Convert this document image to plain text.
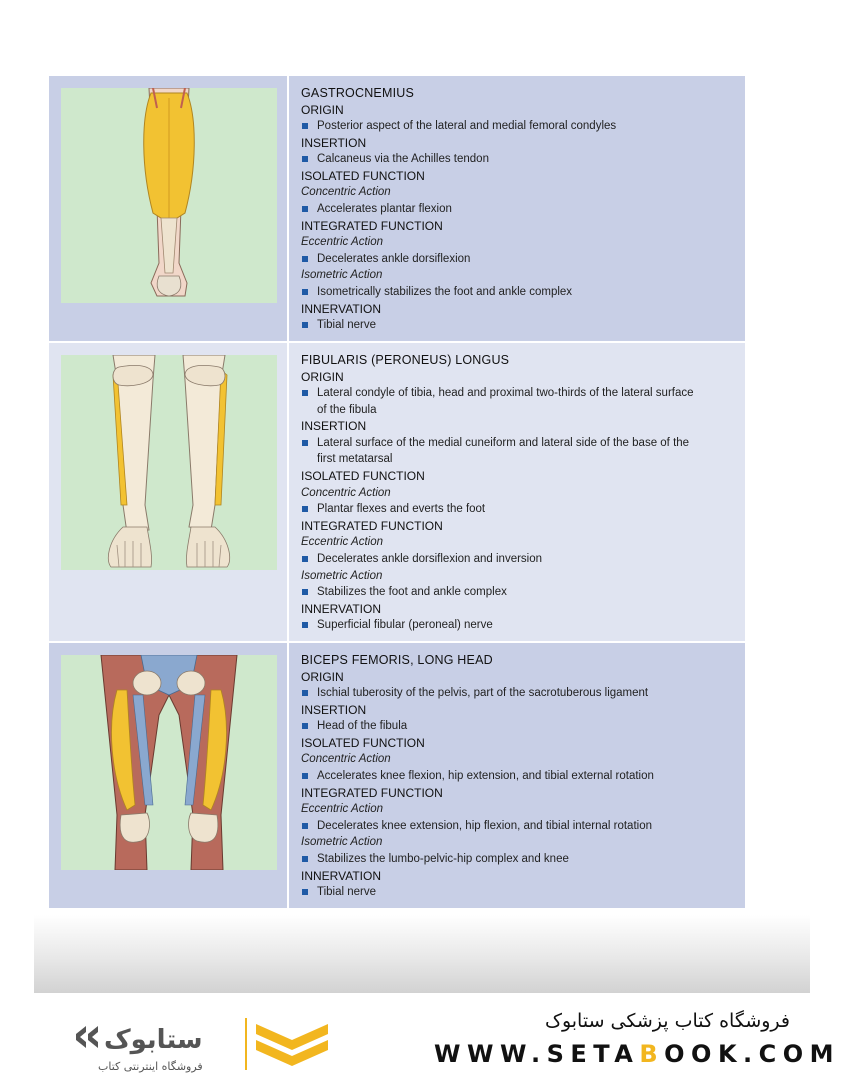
GASTROCNEMIUS
ORIGIN
Posterior aspect of the lateral and medial femoral condyles
INSERTION
Calcaneus via the Achilles tendon
ISOLATED FUNCTION
Concentric Action
Accelerates plantar flexion
INTEGRATED FUNCTION
Eccentric Action
Decelerates ankle dorsiflexion
Isometric Action
Isometrically stabilizes the foot and ankle complex
INNERVATION
Tibial nerve
FIBULARIS (PERONEUS) LONGUS
ORIGIN
Lateral condyle of tibia, head and proximal two-thirds of the lateral surface
of the fibula
INSERTION
Lateral surface of the medial cuneiform and lateral side of the base of the
first metatarsal
ISOLATED FUNCTION
Concentric Action
Plantar flexes and everts the foot
INTEGRATED FUNCTION
Eccentric Action
Decelerates ankle dorsiflexion and inversion
Isometric Action
Stabilizes the foot and ankle complex
INNERVATION
Superficial fibular (peroneal) nerve
BICEPS FEMORIS, LONG HEAD
ORIGIN
Ischial tuberosity of the pelvis, part of the sacrotuberous ligament
INSERTION
Head of the fibula
ISOLATED FUNCTION
Concentric Action
Accelerates knee flexion, hip extension, and tibial external rotation
INTEGRATED FUNCTION
Eccentric Action
Decelerates knee extension, hip flexion, and tibial internal rotation
Isometric Action
Stabilizes the lumbo-pelvic-hip complex and knee
INNERVATION
Tibial nerve
ستابوک
فروشگاه اینترنتی کتاب
فروشگاه کتاب پزشکی ستابوک
WWW.SETABOOK.COM
